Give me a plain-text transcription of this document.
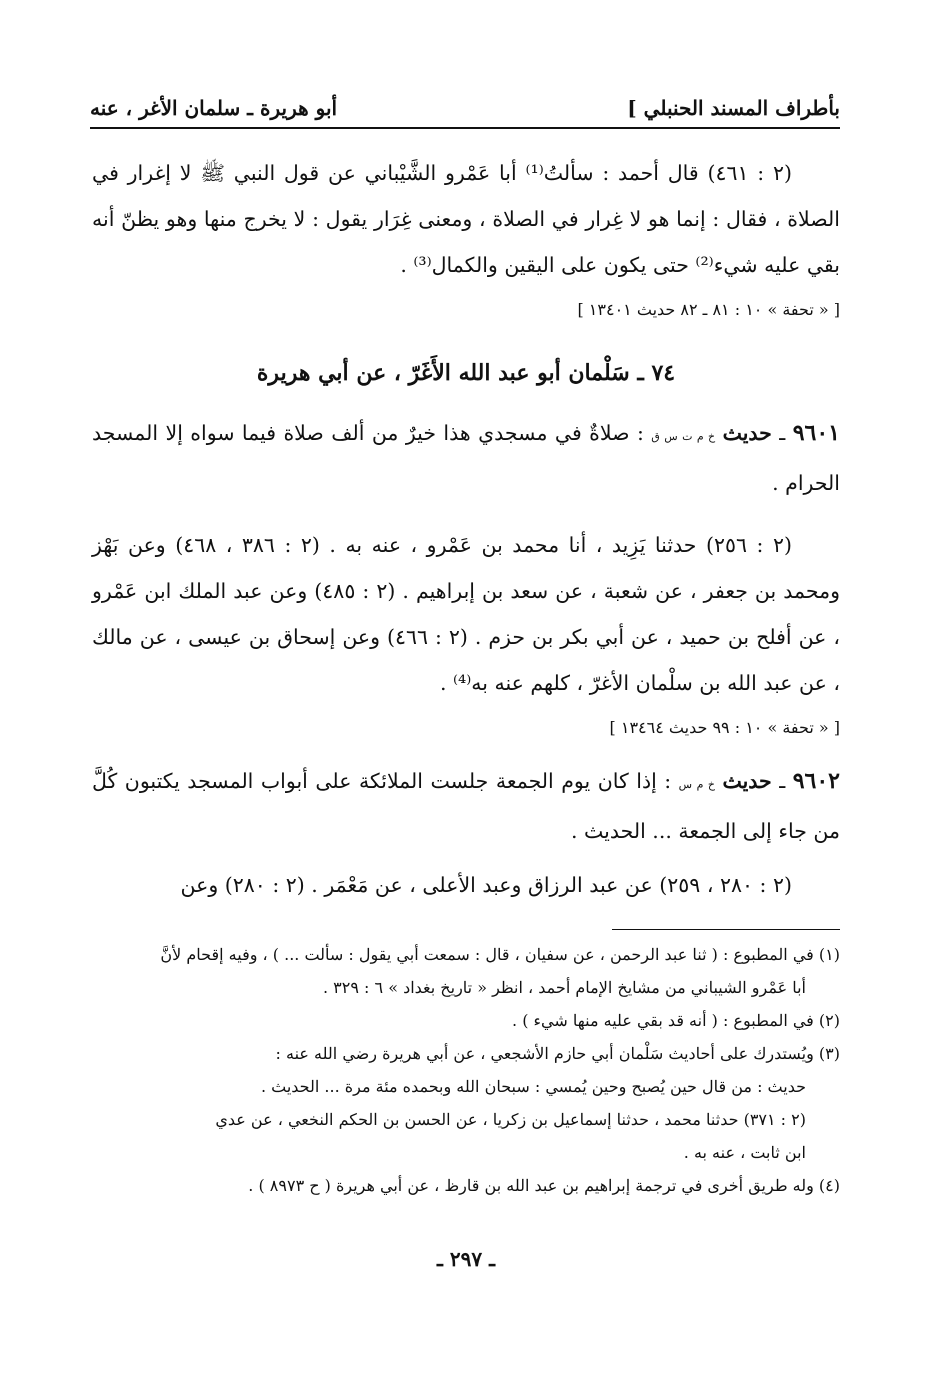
بأطراف المسند الحنبلي ]
أبو هريرة ـ سلمان الأغر ، عنه

(٢ : ٤٦١) قال أحمد : سألتُ⁽¹⁾ أبا عَمْرو الشَّيْباني عن قول النبي ﷺ لا إغرار في الصلاة ، فقال : إنما هو لا غِرار في الصلاة ، ومعنى غِرَار يقول : لا يخرج منها وهو يظنّ أنه بقي عليه شيء⁽²⁾ حتى يكون على اليقين والكمال⁽³⁾ .

[ « تحفة » ١٠ : ٨١ ـ ٨٢ حديث ١٣٤٠١ ]

٧٤ ـ سَلْمان أبو عبد الله الأَغَرّ ، عن أبي هريرة

٩٦٠١ ـ حديث خ م ت س ق : صلاةٌ في مسجدي هذا خيرٌ من ألف صلاة فيما سواه إلا المسجد الحرام .

(٢ : ٢٥٦) حدثنا يَزِيد ، أنا محمد بن عَمْرو ، عنه به . (٢ : ٣٨٦ ، ٤٦٨) وعن بَهْز ومحمد بن جعفر ، عن شعبة ، عن سعد بن إبراهيم . (٢ : ٤٨٥) وعن عبد الملك ابن عَمْرو ، عن أفلح بن حميد ، عن أبي بكر بن حزم . (٢ : ٤٦٦) وعن إسحاق بن عيسى ، عن مالك ، عن عبد الله بن سلْمان الأغرّ ، كلهم عنه به⁽⁴⁾ .

[ « تحفة » ١٠ : ٩٩ حديث ١٣٤٦٤ ]

٩٦٠٢ ـ حديث خ م س : إذا كان يوم الجمعة جلست الملائكة على أبواب المسجد يكتبون كُلَّ من جاء إلى الجمعة ... الحديث .

(٢ : ٢٨٠ ، ٢٥٩) عن عبد الرزاق وعبد الأعلى ، عن مَعْمَر . (٢ : ٢٨٠) وعن

(١) في المطبوع : ( ثنا عبد الرحمن ، عن سفيان ، قال : سمعت أبي يقول : سألت ... ) ، وفيه إقحام لأنَّ

أبا عَمْرو الشيباني من مشايخ الإمام أحمد ، انظر « تاريخ بغداد » ٦ : ٣٢٩ .

(٢) في المطبوع : ( أنه قد بقي عليه منها شيء ) .

(٣) ويُستدرك على أحاديث سَلْمان أبي حازم الأشجعي ، عن أبي هريرة رضي الله عنه :

حديث : من قال حين يُصبح وحين يُمسي : سبحان الله وبحمده مئة مرة ... الحديث .

(٢ : ٣٧١) حدثنا محمد ، حدثنا إسماعيل بن زكريا ، عن الحسن بن الحكم النخعي ، عن عدي

ابن ثابت ، عنه به .

(٤) وله طريق أخرى في ترجمة إبراهيم بن عبد الله بن قارظ ، عن أبي هريرة ( ح ٨٩٧٣ ) .

ـ ٢٩٧ ـ
